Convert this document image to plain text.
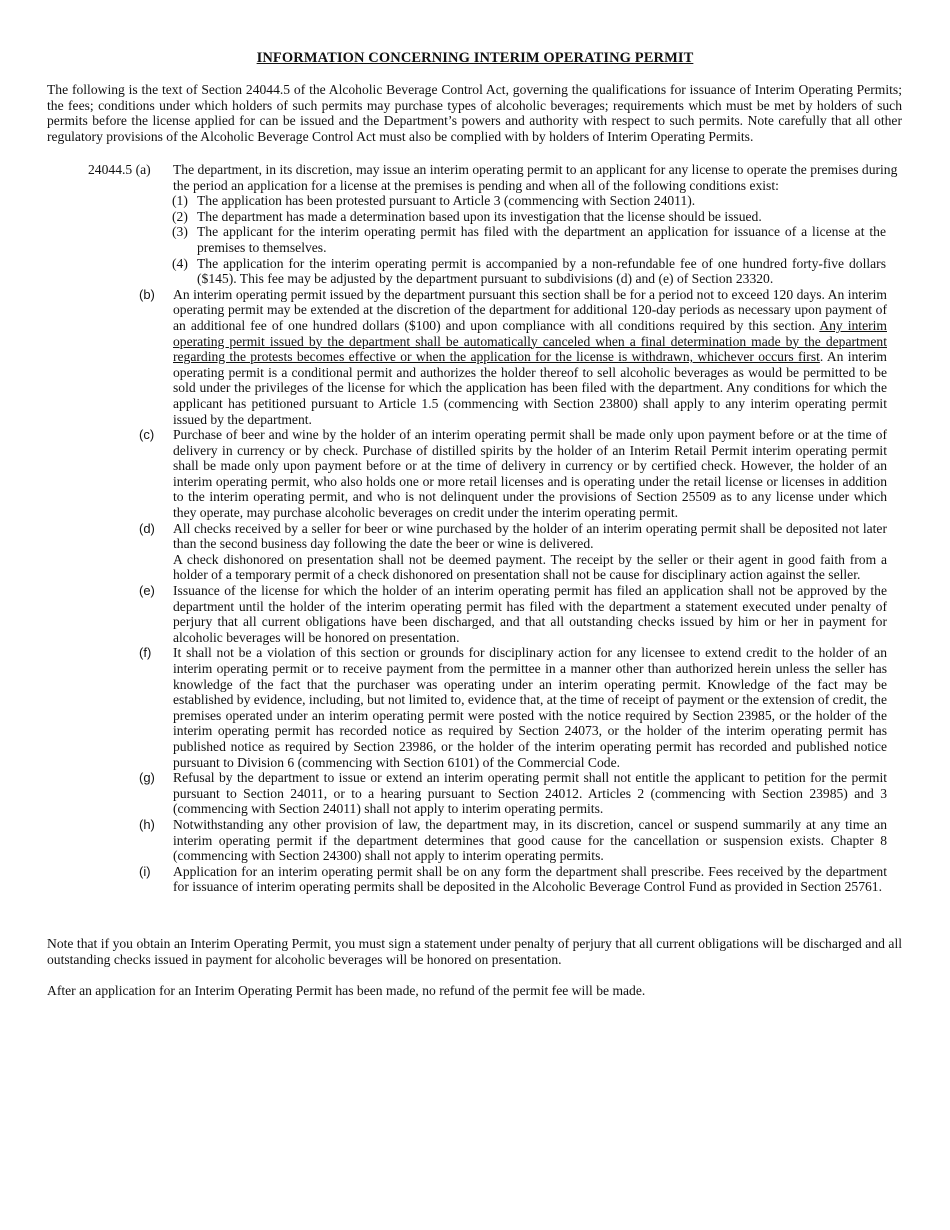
INFORMATION CONCERNING INTERIM OPERATING PERMIT
The following is the text of Section 24044.5 of the Alcoholic Beverage Control Act, governing the qualifications for issuance of Interim Operating Permits; the fees; conditions under which holders of such permits may purchase types of alcoholic beverages; requirements which must be met by holders of such permits before the license applied for can be issued and the Department’s powers and authority with respect to such permits. Note carefully that all other regulatory provisions of the Alcoholic Beverage Control Act must also be complied with by holders of Interim Operating Permits.
24044.5 (a) The department, in its discretion, may issue an interim operating permit to an applicant for any license to operate the premises during the period an application for a license at the premises is pending and when all of the following conditions exist:
(1) The application has been protested pursuant to Article 3 (commencing with Section 24011).
(2) The department has made a determination based upon its investigation that the license should be issued.
(3) The applicant for the interim operating permit has filed with the department an application for issuance of a license at the premises to themselves.
(4) The application for the interim operating permit is accompanied by a non-refundable fee of one hundred forty-five dollars ($145). This fee may be adjusted by the department pursuant to subdivisions (d) and (e) of Section 23320.
(b)	An interim operating permit issued by the department pursuant this section shall be for a period not to exceed 120 days. An interim operating permit may be extended at the discretion of the department for additional 120-day periods as necessary upon payment of an additional fee of one hundred dollars ($100) and upon compliance with all conditions required by this section. Any interim operating permit issued by the department shall be automatically canceled when a final determination made by the department regarding the protests becomes effective or when the application for the license is withdrawn, whichever occurs first. An interim operating permit is a conditional permit and authorizes the holder thereof to sell alcoholic beverages as would be permitted to be sold under the privileges of the license for which the application has been filed with the department. Any conditions for which the applicant has petitioned pursuant to Article 1.5 (commencing with Section 23800) shall apply to any interim operating permit issued by the department.
(c)	Purchase of beer and wine by the holder of an interim operating permit shall be made only upon payment before or at the time of delivery in currency or by check. Purchase of distilled spirits by the holder of an Interim Retail Permit interim operating permit shall be made only upon payment before or at the time of delivery in currency or by certified check. However, the holder of an interim operating permit, who also holds one or more retail licenses and is operating under the retail license or licenses in addition to the interim operating permit, and who is not delinquent under the provisions of Section 25509 as to any license under which they operate, may purchase alcoholic beverages on credit under the interim operating permit.
(d)	All checks received by a seller for beer or wine purchased by the holder of an interim operating permit shall be deposited not later than the second business day following the date the beer or wine is delivered.

A check dishonored on presentation shall not be deemed payment. The receipt by the seller or their agent in good faith from a holder of a temporary permit of a check dishonored on presentation shall not be cause for disciplinary action against the seller.

(e)	Issuance of the license for which the holder of an interim operating permit has filed an application shall not be approved by the department until the holder of the interim operating permit has filed with the department a statement executed under penalty of perjury that all current obligations have been discharged, and that all outstanding checks issued by him or her in payment for alcoholic beverages will be honored on presentation.
(f)	It shall not be a violation of this section or grounds for disciplinary action for any licensee to extend credit to the holder of an interim operating permit or to receive payment from the permittee in a manner other than authorized herein unless the seller has knowledge of the fact that the purchaser was operating under an interim operating permit. Knowledge of the fact may be established by evidence, including, but not limited to, evidence that, at the time of receipt of payment or the extension of credit, the premises operated under an interim operating permit were posted with the notice required by Section 23985, or the holder of the interim operating permit has recorded notice as required by Section 24073, or the holder of the interim operating permit has published notice as required by Section 23986, or the holder of the interim operating permit has recorded and published notice pursuant to Division 6 (commencing with Section 6101) of the Commercial Code.
(g)	Refusal by the department to issue or extend an interim operating permit shall not entitle the applicant to petition for the permit pursuant to Section 24011, or to a hearing pursuant to Section 24012. Articles 2 (commencing with Section 23985) and 3 (commencing with Section 24011) shall not apply to interim operating permits.
(h)	Notwithstanding any other provision of law, the department may, in its discretion, cancel or suspend summarily at any time an interim operating permit if the department determines that good cause for the cancellation or suspension exists. Chapter 8 (commencing with Section 24300) shall not apply to interim operating permits.
(i)	Application for an interim operating permit shall be on any form the department shall prescribe. Fees received by the department for issuance of interim operating permits shall be deposited in the Alcoholic Beverage Control Fund as provided in Section 25761.
Note that if you obtain an Interim Operating Permit, you must sign a statement under penalty of perjury that all current obligations will be discharged and all outstanding checks issued in payment for alcoholic beverages will be honored on presentation.
After an application for an Interim Operating Permit has been made, no refund of the permit fee will be made.
